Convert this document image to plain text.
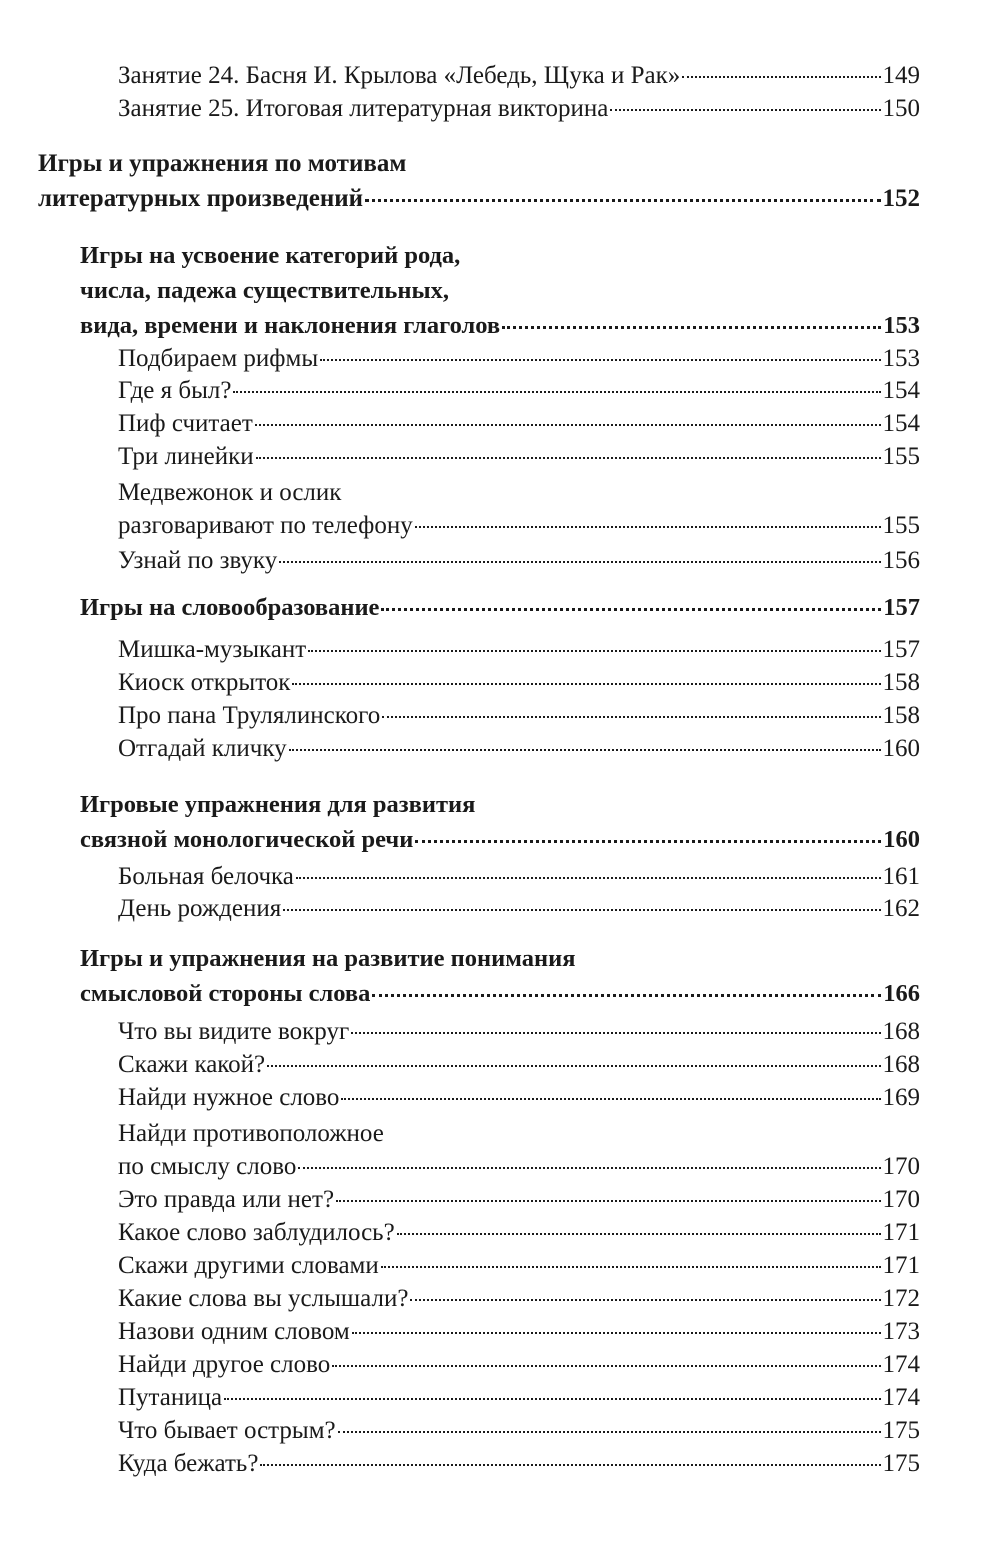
Занятие 24. Басня И. Крылова «Лебедь, Щука и Рак»	149
Занятие 25. Итоговая литературная викторина	150
Игры и упражнения по мотивам
литературных произведений	152
Игры на усвоение категорий рода,
числа, падежа существительных,
вида, времени и наклонения глаголов	153
Подбираем рифмы	153
Где я был?	154
Пиф считает	154
Три линейки	155
Медвежонок и ослик
разговаривают по телефону	155
Узнай по звуку	156
Игры на словообразование	157
Мишка-музыкант	157
Киоск открыток	158
Про пана Трулялинского	158
Отгадай кличку	160
Игровые упражнения для развития
связной монологической речи	160
Больная белочка	161
День рождения	162
Игры и упражнения на развитие понимания
смысловой стороны слова	166
Что вы видите вокруг	168
Скажи какой?	168
Найди нужное слово	169
Найди противоположное
по смыслу слово	170
Это правда или нет?	170
Какое слово заблудилось?	171
Скажи другими словами	171
Какие слова вы услышали?	172
Назови одним словом	173
Найди другое слово	174
Путаница	174
Что бывает острым?	175
Куда бежать?	175
